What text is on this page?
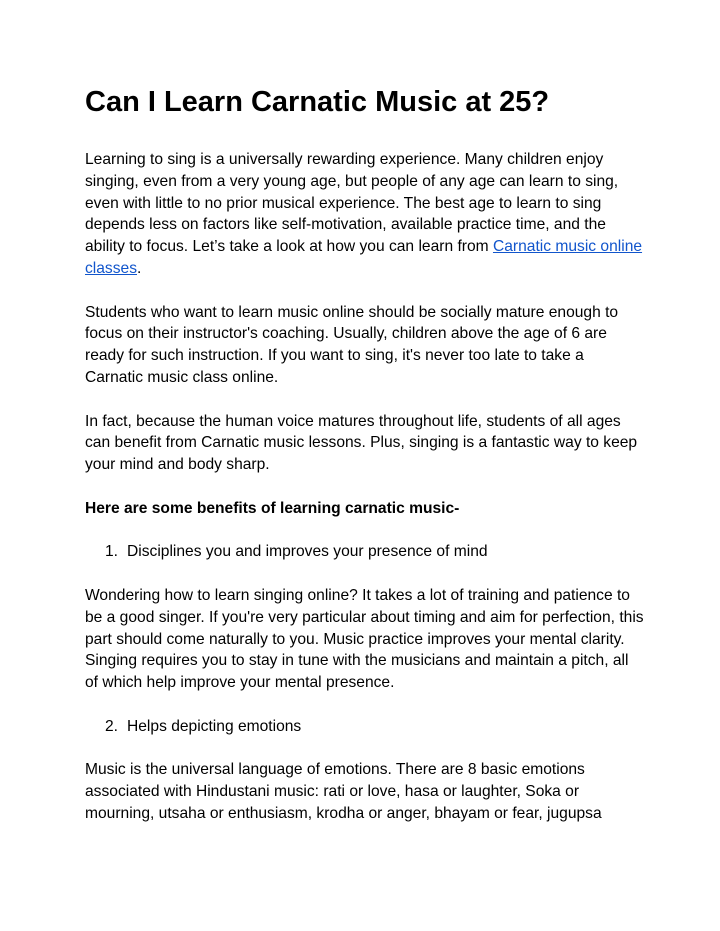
Can I Learn Carnatic Music at 25?

Learning to sing is a universally rewarding experience. Many children enjoy singing, even from a very young age, but people of any age can learn to sing, even with little to no prior musical experience. The best age to learn to sing depends less on factors like self-motivation, available practice time, and the ability to focus. Let’s take a look at how you can learn from Carnatic music online classes.

Students who want to learn music online should be socially mature enough to focus on their instructor's coaching. Usually, children above the age of 6 are ready for such instruction. If you want to sing, it's never too late to take a Carnatic music class online.

In fact, because the human voice matures throughout life, students of all ages can benefit from Carnatic music lessons. Plus, singing is a fantastic way to keep your mind and body sharp.

Here are some benefits of learning carnatic music-

1. Disciplines you and improves your presence of mind

Wondering how to learn singing online? It takes a lot of training and patience to be a good singer. If you're very particular about timing and aim for perfection, this part should come naturally to you. Music practice improves your mental clarity. Singing requires you to stay in tune with the musicians and maintain a pitch, all of which help improve your mental presence.

2. Helps depicting emotions

Music is the universal language of emotions. There are 8 basic emotions associated with Hindustani music: rati or love, hasa or laughter, Soka or mourning, utsaha or enthusiasm, krodha or anger, bhayam or fear, jugupsa
